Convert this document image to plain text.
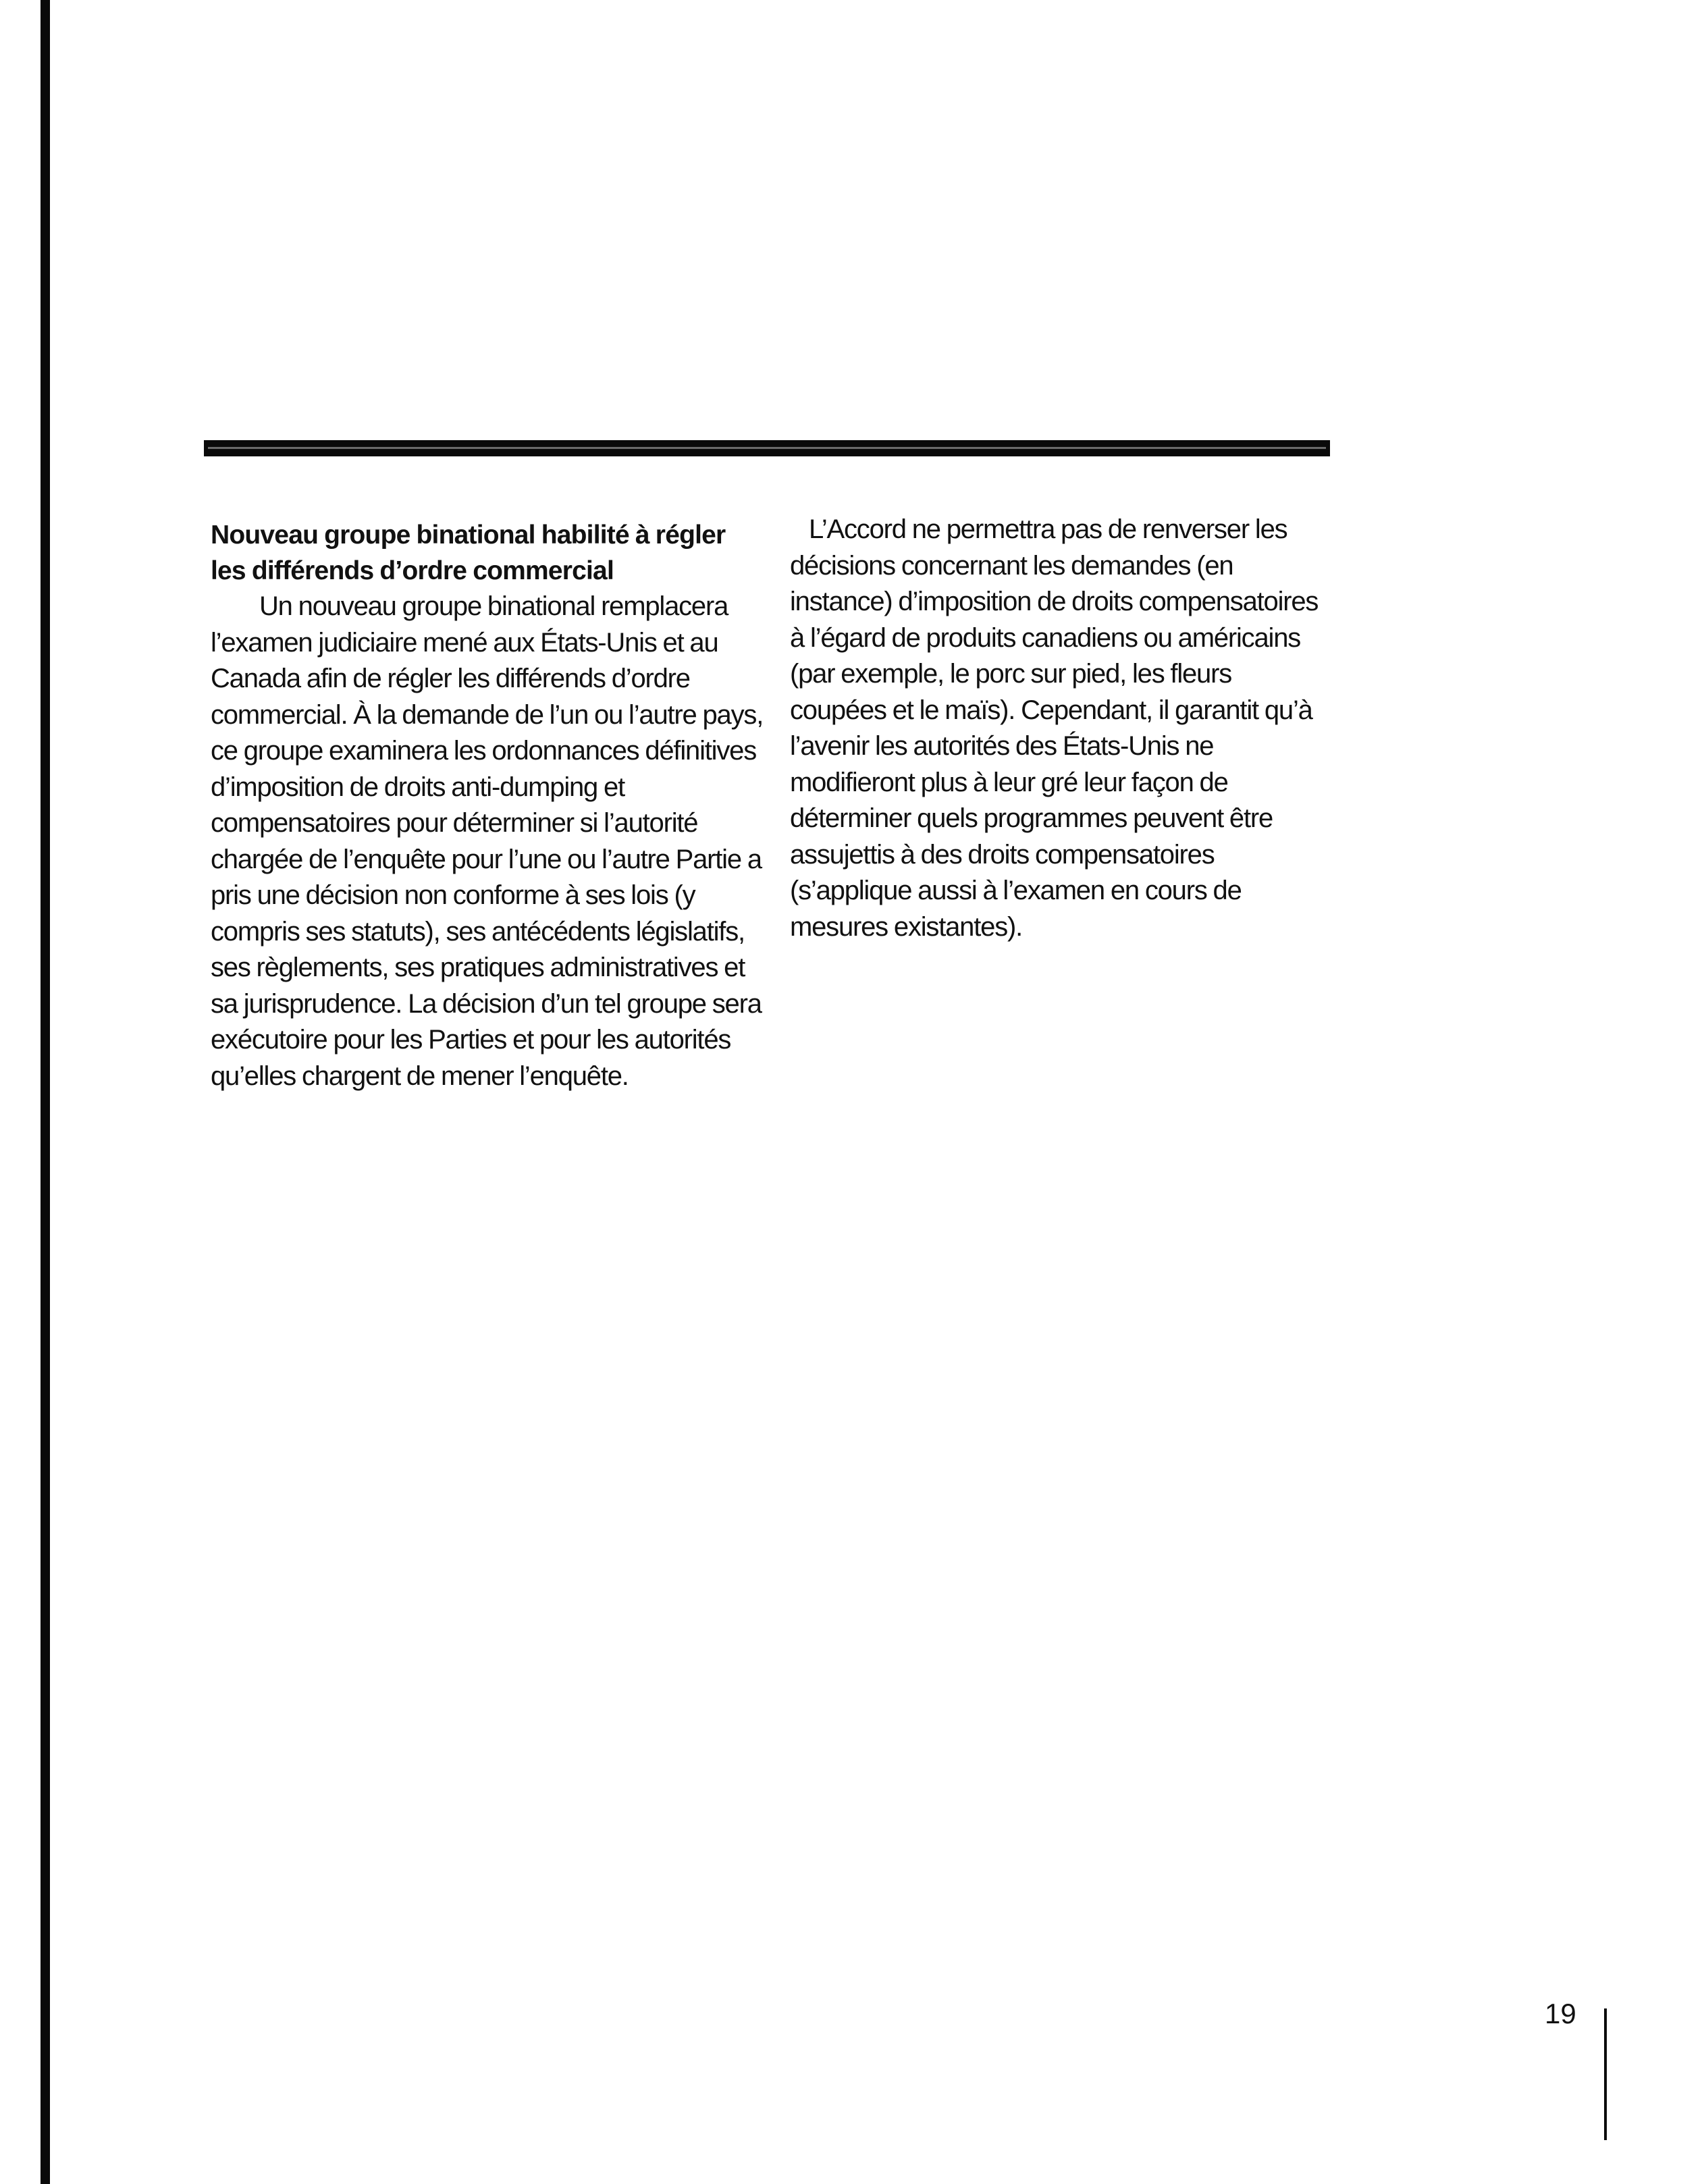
Nouveau groupe binational habilité à régler
les différends d’ordre commercial

Un nouveau groupe binational remplacera l’examen judiciaire mené aux États-Unis et au Canada afin de régler les différends d’ordre commercial. À la demande de l’un ou l’autre pays, ce groupe examinera les ordonnances définitives d’imposition de droits anti-dumping et compensatoires pour déterminer si l’autorité chargée de l’enquête pour l’une ou l’autre Partie a pris une décision non conforme à ses lois (y compris ses statuts), ses antécédents législatifs, ses règlements, ses pratiques administratives et sa jurisprudence. La décision d’un tel groupe sera exécutoire pour les Parties et pour les autorités qu’elles chargent de mener l’enquête.

L’Accord ne permettra pas de renverser les décisions concernant les demandes (en instance) d’imposition de droits compensatoires à l’égard de produits canadiens ou américains (par exemple, le porc sur pied, les fleurs coupées et le maïs). Cependant, il garantit qu’à l’avenir les autorités des États-Unis ne modifieront plus à leur gré leur façon de déterminer quels programmes peuvent être assujettis à des droits compensatoires (s’applique aussi à l’examen en cours de mesures existantes).

19
